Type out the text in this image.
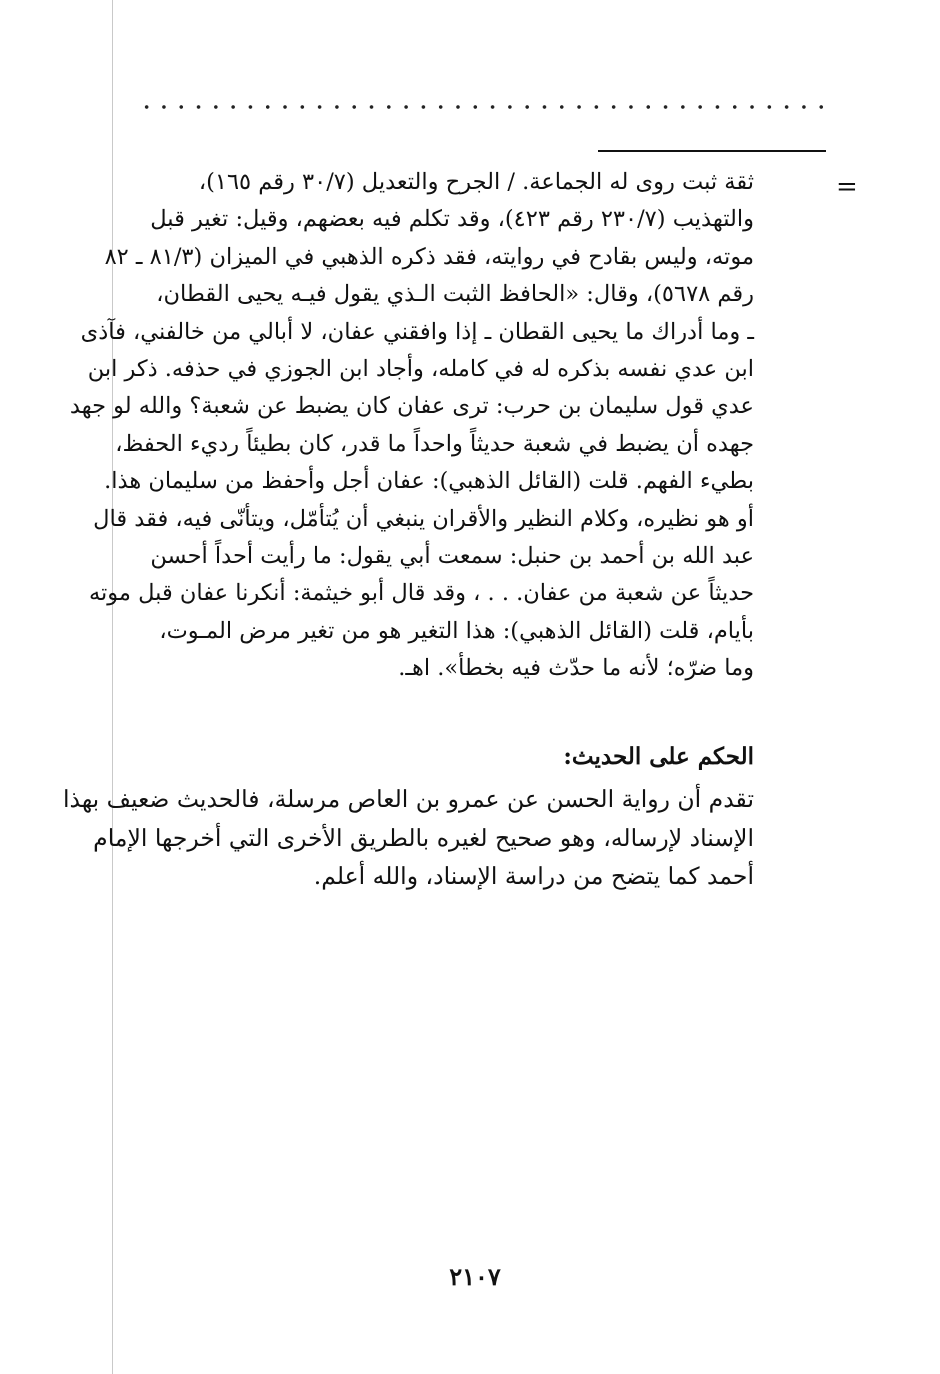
=
ثقة ثبت روى له الجماعة. / الجرح والتعديل (٣٠/٧ رقم ١٦٥)،
والتهذيب (٢٣٠/٧ رقم ٤٢٣)، وقد تكلم فيه بعضهم، وقيل: تغير قبل
موته، وليس بقادح في روايته، فقد ذكره الذهبي في الميزان (٨١/٣ ـ ٨٢
رقم ٥٦٧٨)، وقال: «الحافظ الثبت الـذي يقول فيـه يحيى القطان،
ـ وما أدراك ما يحيى القطان ـ إذا وافقني عفان، لا أبالي من خالفني، فآذى
ابن عدي نفسه بذكره له في كامله، وأجاد ابن الجوزي في حذفه. ذكر ابن
عدي قول سليمان بن حرب: ترى عفان كان يضبط عن شعبة؟ والله لو جهد
جهده أن يضبط في شعبة حديثاً واحداً ما قدر، كان بطيئاً رديء الحفظ،
بطيء الفهم. قلت (القائل الذهبي): عفان أجل وأحفظ من سليمان هذا.
أو هو نظيره، وكلام النظير والأقران ينبغي أن يُتأمّل، ويتأنّى فيه، فقد قال
عبد الله بن أحمد بن حنبل: سمعت أبي يقول: ما رأيت أحداً أحسن
حديثاً عن شعبة من عفان. . . ، وقد قال أبو خيثمة: أنكرنا عفان قبل موته
بأيام، قلت (القائل الذهبي): هذا التغير هو من تغير مرض المـوت،
وما ضرّه؛ لأنه ما حدّث فيه بخطأ». اهـ.
الحكم على الحديث:
تقدم أن رواية الحسن عن عمرو بن العاص مرسلة، فالحديث ضعيف بهذا
الإسناد لإرساله، وهو صحيح لغيره بالطريق الأخرى التي أخرجها الإمام
أحمد كما يتضح من دراسة الإسناد، والله أعلم.
٢١٠٧
